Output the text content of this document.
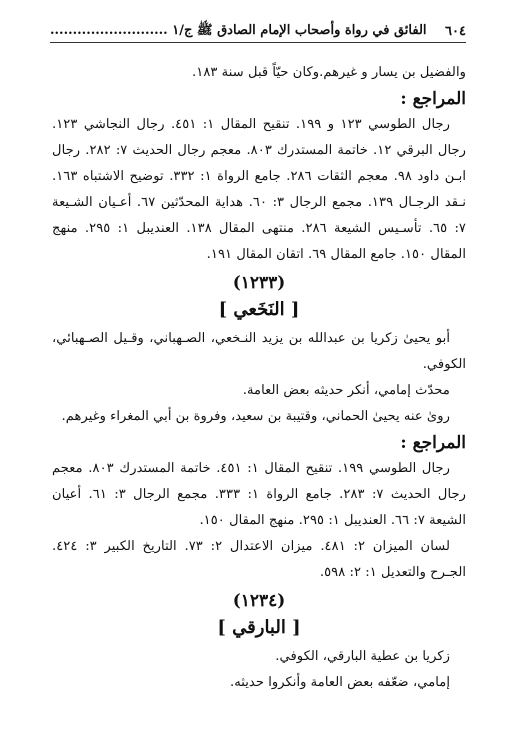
٦٠٤
الفائق في رواة وأصحاب الإمام الصادق ﷺ ج/١ ..........................

والفضيل بن يسار و غيرهم.وكان حيّاً قبل سنة ١٨٣.

المراجع :

رجال الطوسي ١٢٣ و ١٩٩. تنقيح المقال ١: ٤٥١. رجال النجاشي ١٢٣. رجال البرقي ١٢. خاتمة المستدرك ٨٠٣. معجم رجال الحديث ٧: ٢٨٢. رجال ابـن داود ٩٨. معجم الثقات ٢٨٦. جامع الرواة ١: ٣٣٢. توضيح الاشتباه ١٦٣. نـقد الرجـال ١٣٩. مجمع الرجال ٣: ٦٠. هداية المحدّثين ٦٧. أعـيان الشـيعة ٧: ٦٥. تأسـيس الشيعة ٢٨٦. منتهى المقال ١٣٨. العنديبل ١: ٢٩٥. منهج المقال ١٥٠. جامع المقال ٦٩. اتقان المقال ١٩١.

(١٢٣٣)

[ النَخَعي ]

أبو يحيىٰ زكريا بن عبدالله بن يزيد النـخعي، الصـهباني، وقـيل الصـهبائي، الكوفي.

محدّث إمامي، أنكر حديثه بعض العامة.

روىٰ عنه يحيىٰ الحماني، وقتيبة بن سعيد، وفروة بن أبي المغراء وغيرهم.

المراجع :

رجال الطوسي ١٩٩. تنقيح المقال ١: ٤٥١. خاتمة المستدرك ٨٠٣. معجم رجال الحديث ٧: ٢٨٣. جامع الرواة ١: ٣٣٣. مجمع الرجال ٣: ٦١. أعيان الشيعة ٧: ٦٦. العنديبل ١: ٢٩٥. منهج المقال ١٥٠.

لسان الميزان ٢: ٤٨١. ميزان الاعتدال ٢: ٧٣. التاريخ الكبير ٣: ٤٢٤. الجـرح والتعديل ١: ٢: ٥٩٨.

(١٢٣٤)

[ البارقي ]

زكريا بن عطية البارقي، الكوفي.

إمامي، ضعّفه بعض العامة وأنكروا حديثه.
